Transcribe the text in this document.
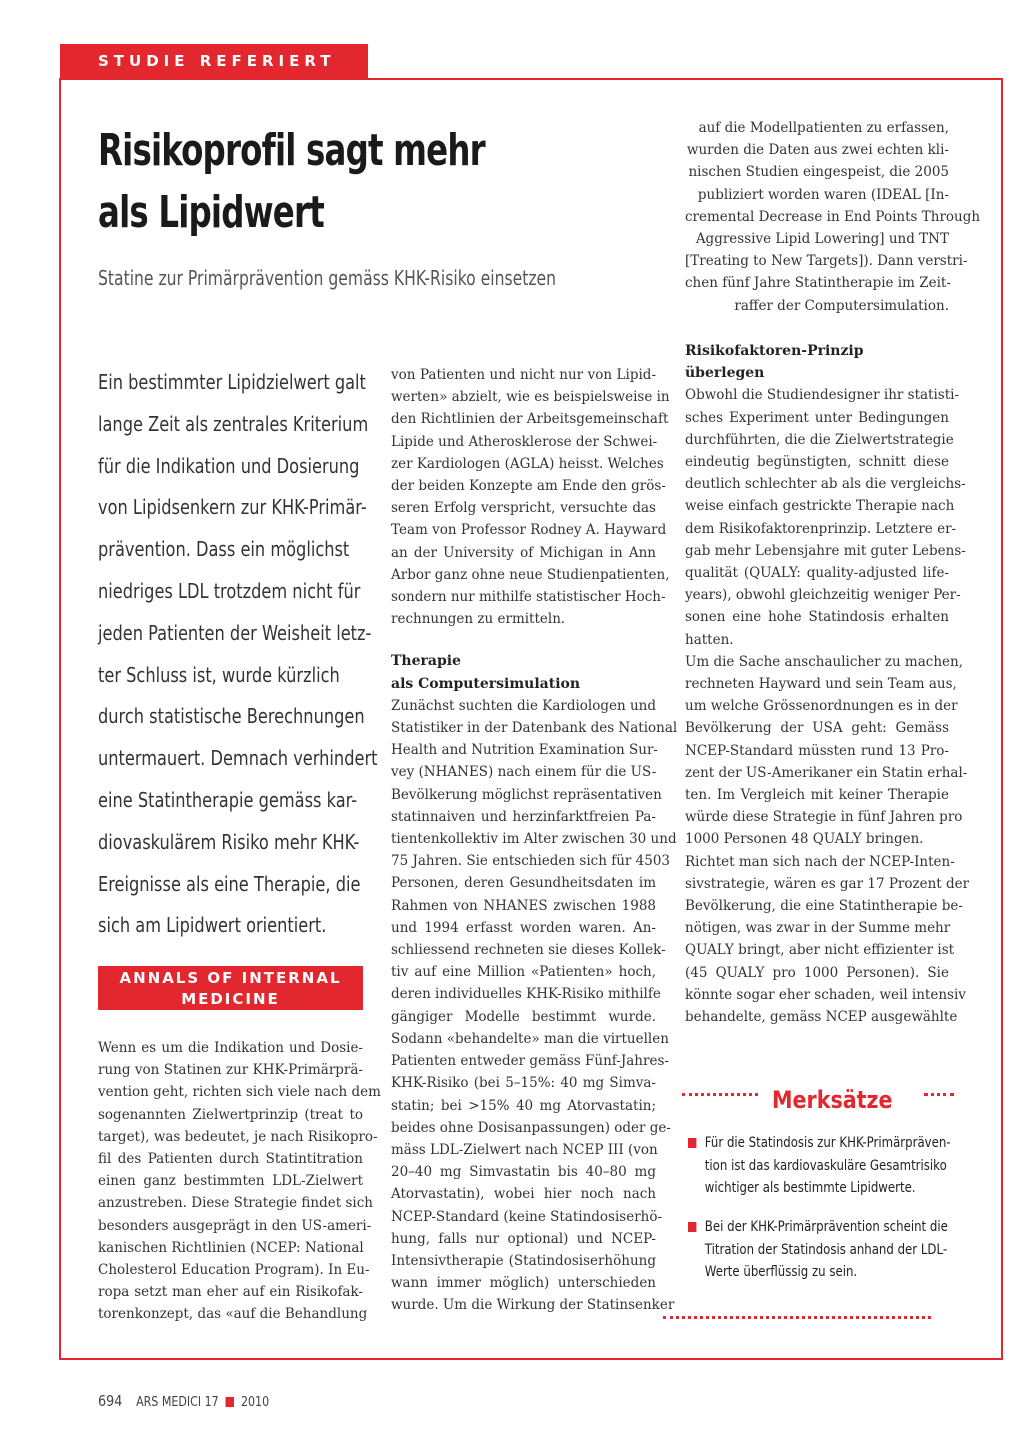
STUDIE REFERIERT
Risikoprofil sagt mehr
als Lipidwert
Statine zur Primärprävention gemäss KHK-Risiko einsetzen

Ein bestimmter Lipidzielwert galt

lange Zeit als zentrales Kriterium

für die Indikation und Dosierung

von Lipidsenkern zur KHK-Primär-

prävention. Dass ein möglichst

niedriges LDL trotzdem nicht für

jeden Patienten der Weisheit letz-

ter Schluss ist, wurde kürzlich

durch statistische Berechnungen

untermauert. Demnach verhindert

eine Statintherapie gemäss kar-

diovaskulärem Risiko mehr KHK-

Ereignisse als eine Therapie, die

sich am Lipidwert orientiert.

ANNALS OF INTERNAL
MEDICINE

Wenn es um die Indikation und Dosie-

rung von Statinen zur KHK-Primärprä-

vention geht, richten sich viele nach dem

sogenannten Zielwertprinzip (treat to

target), was bedeutet, je nach Risikopro-

fil des Patienten durch Statintitration

einen ganz bestimmten LDL-Zielwert

anzustreben. Diese Strategie findet sich

besonders ausgeprägt in den US-ameri-

kanischen Richtlinien (NCEP: National

Cholesterol Education Program). In Eu-

ropa setzt man eher auf ein Risikofak-

torenkonzept, das «auf die Behandlung

von Patienten und nicht nur von Lipid-

werten» abzielt, wie es beispielsweise in

den Richtlinien der Arbeitsgemeinschaft

Lipide und Atherosklerose der Schwei-

zer Kardiologen (AGLA) heisst. Welches

der beiden Konzepte am Ende den grös-

seren Erfolg verspricht, versuchte das

Team von Professor Rodney A. Hayward

an der University of Michigan in Ann

Arbor ganz ohne neue Studienpatienten,

sondern nur mithilfe statistischer Hoch-

rechnungen zu ermitteln.

Therapie
als Computersimulation

Zunächst suchten die Kardiologen und

Statistiker in der Datenbank des National

Health and Nutrition Examination Sur-

vey (NHANES) nach einem für die US-

Bevölkerung möglichst repräsentativen

statinnaiven und herzinfarktfreien Pa-

tientenkollektiv im Alter zwischen 30 und

75 Jahren. Sie entschieden sich für 4503

Personen, deren Gesundheitsdaten im

Rahmen von NHANES zwischen 1988

und 1994 erfasst worden waren. An-

schliessend rechneten sie dieses Kollek-

tiv auf eine Million «Patienten» hoch,

deren individuelles KHK-Risiko mithilfe

gängiger Modelle bestimmt wurde.

Sodann «behandelte» man die virtuellen

Patienten entweder gemäss Fünf-Jahres-

KHK-Risiko (bei 5–15%: 40 mg Simva-

statin; bei >15% 40 mg Atorvastatin;

beides ohne Dosisanpassungen) oder ge-

mäss LDL-Zielwert nach NCEP III (von

20–40 mg Simvastatin bis 40–80 mg

Atorvastatin), wobei hier noch nach

NCEP-Standard (keine Statindosiserhö-

hung, falls nur optional) und NCEP-

Intensivtherapie (Statindosiserhöhung

wann immer möglich) unterschieden

wurde. Um die Wirkung der Statinsenker

auf die Modellpatienten zu erfassen,

wurden die Daten aus zwei echten kli-

nischen Studien eingespeist, die 2005

publiziert worden waren (IDEAL [In-

cremental Decrease in End Points Through

Aggressive Lipid Lowering] und TNT

[Treating to New Targets]). Dann verstri-

chen fünf Jahre Statintherapie im Zeit-

raffer der Computersimulation.

Risikofaktoren-Prinzip
überlegen

Obwohl die Studiendesigner ihr statisti-

sches Experiment unter Bedingungen

durchführten, die die Zielwertstrategie

eindeutig begünstigten, schnitt diese

deutlich schlechter ab als die vergleichs-

weise einfach gestrickte Therapie nach

dem Risikofaktorenprinzip. Letztere er-

gab mehr Lebensjahre mit guter Lebens-

qualität (QUALY: quality-adjusted life-

years), obwohl gleichzeitig weniger Per-

sonen eine hohe Statindosis erhalten

hatten.

Um die Sache anschaulicher zu machen,

rechneten Hayward und sein Team aus,

um welche Grössenordnungen es in der

Bevölkerung der USA geht: Gemäss

NCEP-Standard müssten rund 13 Pro-

zent der US-Amerikaner ein Statin erhal-

ten. Im Vergleich mit keiner Therapie

würde diese Strategie in fünf Jahren pro

1000 Personen 48 QUALY bringen.

Richtet man sich nach der NCEP-Inten-

sivstrategie, wären es gar 17 Prozent der

Bevölkerung, die eine Statintherapie be-

nötigen, was zwar in der Summe mehr

QUALY bringt, aber nicht effizienter ist

(45 QUALY pro 1000 Personen). Sie

könnte sogar eher schaden, weil intensiv

behandelte, gemäss NCEP ausgewählte

Merksätze

Für die Statindosis zur KHK-Primärpräven-

tion ist das kardiovaskuläre Gesamtrisiko

wichtiger als bestimmte Lipidwerte.

Bei der KHK-Primärprävention scheint die

Titration der Statindosis anhand der LDL-

Werte überflüssig zu sein.

694 ARS MEDICI 17 2010
